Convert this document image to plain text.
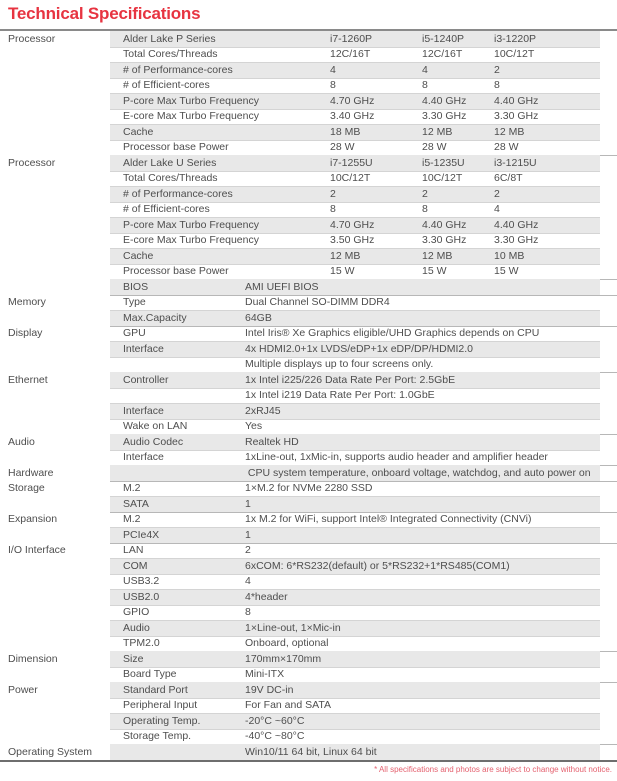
Technical Specifications
Processor	Alder Lake P Series	i7-1260P	i5-1240P	i3-1220P
Total Cores/Threads	12C/16T	12C/16T	10C/12T
# of Performance-cores	4	4	2
# of Efficient-cores	8	8	8
P-core Max Turbo Frequency	4.70 GHz	4.40 GHz	4.40 GHz
E-core Max Turbo Frequency	3.40 GHz	3.30 GHz	3.30 GHz
Cache	18 MB	12 MB	12 MB
Processor base Power	28 W	28 W	28 W
Processor	Alder Lake U Series	i7-1255U	i5-1235U	i3-1215U
Total Cores/Threads	10C/12T	10C/12T	6C/8T
# of Performance-cores	2	2	2
# of Efficient-cores	8	8	4
P-core Max Turbo Frequency	4.70 GHz	4.40 GHz	4.40 GHz
E-core Max Turbo Frequency	3.50 GHz	3.30 GHz	3.30 GHz
Cache	12 MB	12 MB	10 MB
Processor base Power	15 W	15 W	15 W
BIOS	AMI UEFI BIOS
Memory	Type	Dual Channel SO-DIMM DDR4
Max.Capacity	64GB
Display	GPU	Intel Iris® Xe Graphics eligible/UHD Graphics depends on CPU
Interface	4x HDMI2.0+1x LVDS/eDP+1x eDP/DP/HDMI2.0
Multiple displays up to four screens only.
Ethernet	Controller	1x Intel i225/226 Data Rate Per Port: 2.5GbE
1x Intel i219 Data Rate Per Port: 1.0GbE
Interface	2xRJ45
Wake on LAN	Yes
Audio	Audio Codec	Realtek HD
Interface	1xLine-out, 1xMic-in, supports audio header and amplifier header
Hardware	CPU system temperature, onboard voltage, watchdog, and auto power on
Storage	M.2	1×M.2 for NVMe 2280 SSD
SATA	1
Expansion	M.2	1x M.2 for WiFi, support Intel® Integrated Connectivity (CNVi)
PCIe4X	1
I/O Interface	LAN	2
COM	6xCOM: 6*RS232(default) or 5*RS232+1*RS485(COM1)
USB3.2	4
USB2.0	4*header
GPIO	8
Audio	1×Line-out, 1×Mic-in
TPM2.0	Onboard, optional
Dimension	Size	170mm×170mm
Board Type	Mini-ITX
Power	Standard Port	19V DC-in
Peripheral Input	For Fan and SATA
Operating Temp.	-20°C ~60°C
Storage Temp.	-40°C ~80°C
Operating System	Win10/11 64 bit, Linux 64 bit
* All specifications and photos are subject to change without notice.
